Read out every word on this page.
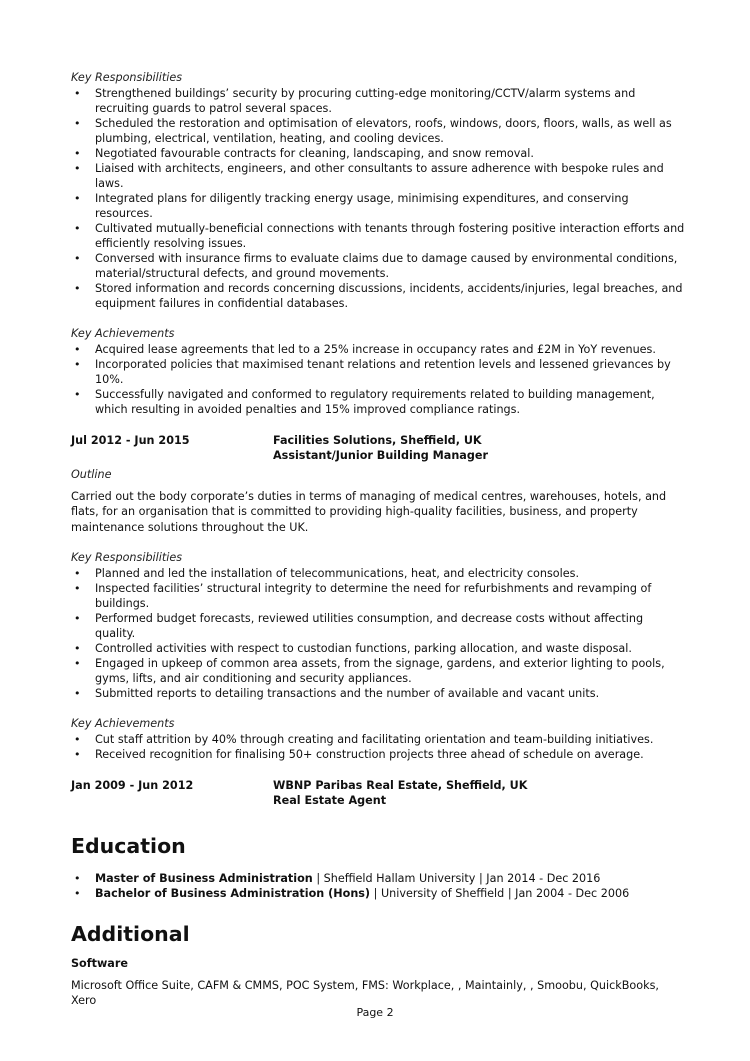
Key Responsibilities
• Strengthened buildings’ security by procuring cutting-edge monitoring/CCTV/alarm systems and recruiting guards to patrol several spaces.
• Scheduled the restoration and optimisation of elevators, roofs, windows, doors, floors, walls, as well as plumbing, electrical, ventilation, heating, and cooling devices.
• Negotiated favourable contracts for cleaning, landscaping, and snow removal.
• Liaised with architects, engineers, and other consultants to assure adherence with bespoke rules and laws.
• Integrated plans for diligently tracking energy usage, minimising expenditures, and conserving resources.
• Cultivated mutually-beneficial connections with tenants through fostering positive interaction efforts and efficiently resolving issues.
• Conversed with insurance firms to evaluate claims due to damage caused by environmental conditions, material/structural defects, and ground movements.
• Stored information and records concerning discussions, incidents, accidents/injuries, legal breaches, and equipment failures in confidential databases.
Key Achievements
• Acquired lease agreements that led to a 25% increase in occupancy rates and £2M in YoY revenues.
• Incorporated policies that maximised tenant relations and retention levels and lessened grievances by 10%.
• Successfully navigated and conformed to regulatory requirements related to building management, which resulting in avoided penalties and 15% improved compliance ratings.
Jul 2012 - Jun 2015	Facilities Solutions, Sheffield, UK
Assistant/Junior Building Manager
Outline

Carried out the body corporate’s duties in terms of managing of medical centres, warehouses, hotels, and flats, for an organisation that is committed to providing high-quality facilities, business, and property maintenance solutions throughout the UK.

Key Responsibilities
• Planned and led the installation of telecommunications, heat, and electricity consoles.
• Inspected facilities’ structural integrity to determine the need for refurbishments and revamping of buildings.
• Performed budget forecasts, reviewed utilities consumption, and decrease costs without affecting quality.
• Controlled activities with respect to custodian functions, parking allocation, and waste disposal.
• Engaged in upkeep of common area assets, from the signage, gardens, and exterior lighting to pools, gyms, lifts, and air conditioning and security appliances.
• Submitted reports to detailing transactions and the number of available and vacant units.
Key Achievements
• Cut staff attrition by 40% through creating and facilitating orientation and team-building initiatives.
• Received recognition for finalising 50+ construction projects three ahead of schedule on average.
Jan 2009 - Jun 2012	WBNP Paribas Real Estate, Sheffield, UK
Real Estate Agent
Education
• Master of Business Administration | Sheffield Hallam University | Jan 2014 - Dec 2016
• Bachelor of Business Administration (Hons) | University of Sheffield | Jan 2004 - Dec 2006
Additional
Software

Microsoft Office Suite, CAFM & CMMS, POC System, FMS: Workplace, , Maintainly, , Smoobu, QuickBooks, Xero

Page 2
